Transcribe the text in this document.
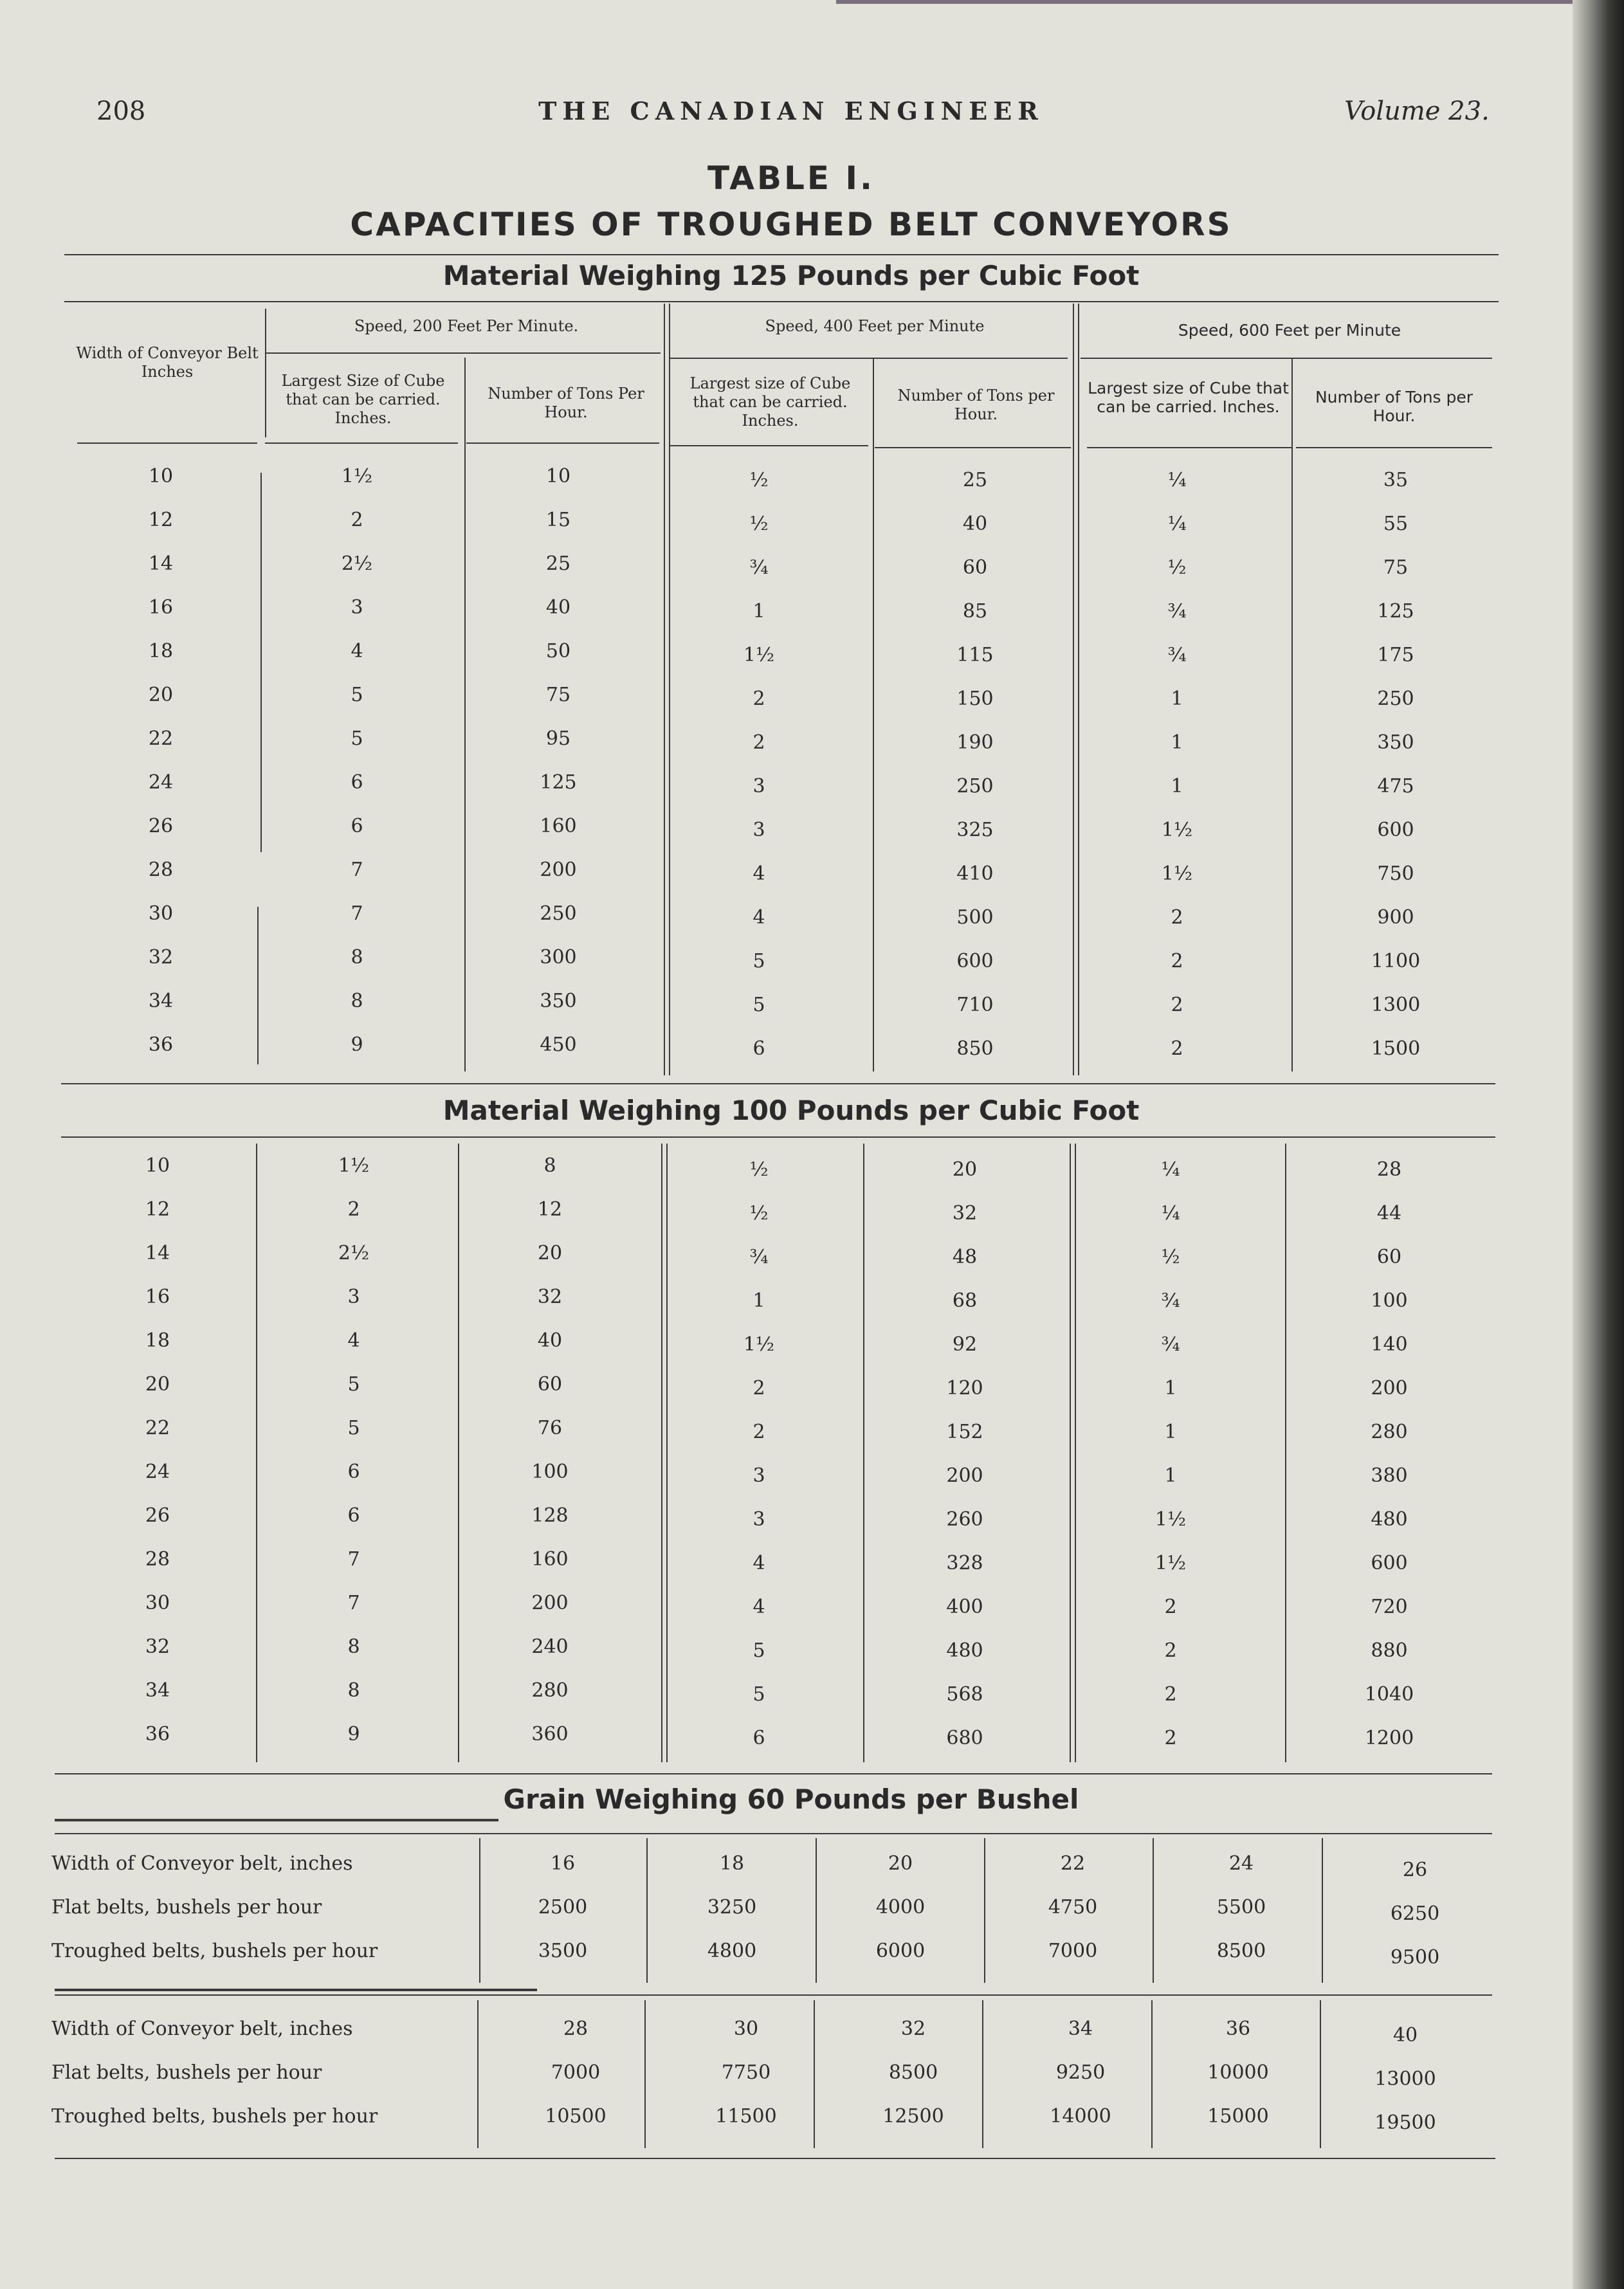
208	THE CANADIAN ENGINEER	Volume 23.
TABLE I.
CAPACITIES OF TROUGHED BELT CONVEYORS
Material Weighing 125 Pounds per Cubic Foot
Width of Conveyor Belt Inches
Speed, 200 Feet Per Minute.	Speed, 400 Feet per Minute	Speed, 600 Feet per Minute
Largest Size of Cube that can be carried. Inches.
Number of Tons Per Hour.
Largest size of Cube that can be carried. Inches.
Number of Tons per Hour.
Largest size of Cube that can be carried. Inches.
Number of Tons per Hour.
10	1½	10	½	25	¼	35
12	2	15	½	40	¼	55
14	2½	25	¾	60	½	75
16	3	40	1	85	¾	125
18	4	50	1½	115	¾	175
20	5	75	2	150	1	250
22	5	95	2	190	1	350
24	6	125	3	250	1	475
26	6	160	3	325	1½	600
28	7	200	4	410	1½	750
30	7	250	4	500	2	900
32	8	300	5	600	2	1100
34	8	350	5	710	2	1300
36	9	450	6	850	2	1500
Material Weighing 100 Pounds per Cubic Foot
10	1½	8	½	20	¼	28
12	2	12	½	32	¼	44
14	2½	20	¾	48	½	60
16	3	32	1	68	¾	100
18	4	40	1½	92	¾	140
20	5	60	2	120	1	200
22	5	76	2	152	1	280
24	6	100	3	200	1	380
26	6	128	3	260	1½	480
28	7	160	4	328	1½	600
30	7	200	4	400	2	720
32	8	240	5	480	2	880
34	8	280	5	568	2	1040
36	9	360	6	680	2	1200
Grain Weighing 60 Pounds per Bushel
Width of Conveyor belt, inches	16	18	20	22	24	26
Flat belts, bushels per hour	2500	3250	4000	4750	5500	6250
Troughed belts, bushels per hour	3500	4800	6000	7000	8500	9500
Width of Conveyor belt, inches	28	30	32	34	36	40
Flat belts, bushels per hour	7000	7750	8500	9250	10000	13000
Troughed belts, bushels per hour	10500	11500	12500	14000	15000	19500
